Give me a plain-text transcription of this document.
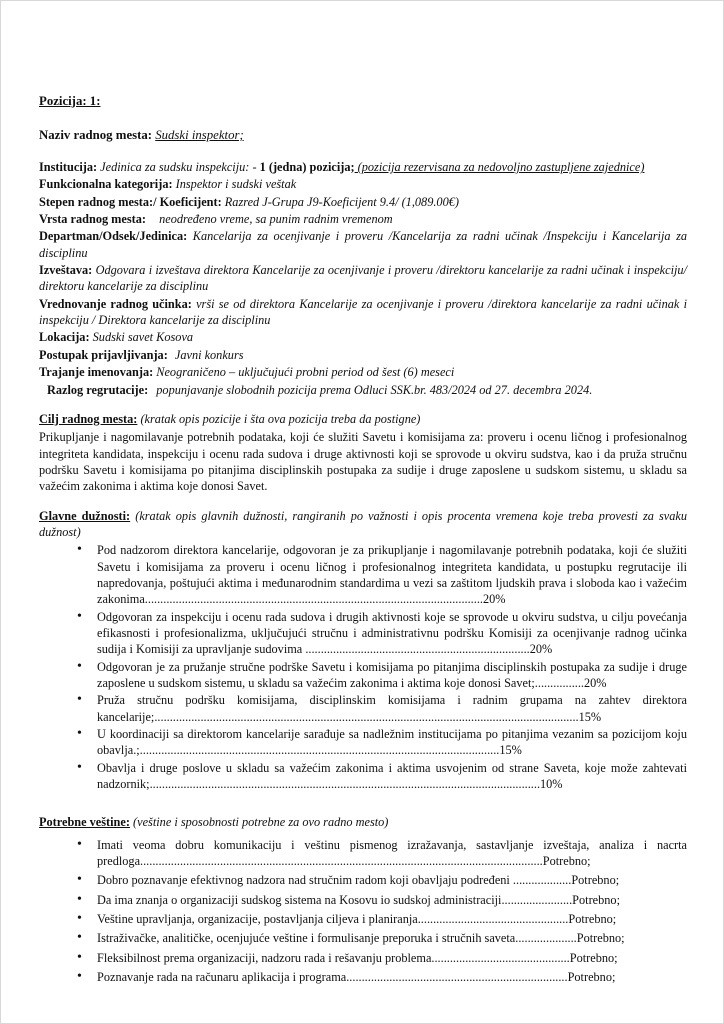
Pozicija: 1:
Naziv radnog mesta: Sudski inspektor;
Institucija: Jedinica za sudsku inspekciju: - 1 (jedna) pozicija; (pozicija rezervisana za nedovoljno zastupljene zajednice)
Funkcionalna kategorija: Inspektor i sudski veštak
Stepen radnog mesta:/ Koeficijent: Razred J-Grupa J9-Koeficijent 9.4/ (1,089.00€)
Vrsta radnog mesta: neodređeno vreme, sa punim radnim vremenom
Departman/Odsek/Jedinica: Kancelarija za ocenjivanje i proveru /Kancelarija za radni učinak /Inspekciju i Kancelarija za disciplinu
Izveštava: Odgovara i izveštava direktora Kancelarije za ocenjivanje i proveru /direktoru kancelarije za radni učinak i inspekciju/ direktoru kancelarije za disciplinu
Vrednovanje radnog učinka: vrši se od direktora Kancelarije za ocenjivanje i proveru /direktora kancelarije za radni učinak i inspekciju / Direktora kancelarije za disciplinu
Lokacija: Sudski savet Kosova
Postupak prijavljivanja: Javni konkurs
Trajanje imenovanja: Neograničeno – uključujući probni period od šest (6) meseci
Razlog regrutacije: popunjavanje slobodnih pozicija prema Odluci SSK.br. 483/2024 od 27. decembra 2024.
Cilj radnog mesta: (kratak opis pozicije i šta ova pozicija treba da postigne)

Prikupljanje i nagomilavanje potrebnih podataka, koji će služiti Savetu i komisijama za: proveru i ocenu ličnog i profesionalnog integriteta kandidata, inspekciju i ocenu rada sudova i druge aktivnosti koji se sprovode u okviru sudstva, kao i da pruža stručnu podršku Savetu i komisijama po pitanjima disciplinskih postupaka za sudije i druge zaposlene u sudskom sistemu, u skladu sa važećim zakonima i aktima koje donosi Savet.

Glavne dužnosti: (kratak opis glavnih dužnosti, rangiranih po važnosti i opis procenta vremena koje treba provesti za svaku dužnost)
• Pod nadzorom direktora kancelarije, odgovoran je za prikupljanje i nagomilavanje potrebnih podataka, koji će služiti Savetu i komisijama za proveru i ocenu ličnog i profesionalnog integriteta kandidata, u postupku regrutacije ili napredovanja, poštujući aktima i međunarodnim standardima u vezi sa zaštitom ljudskih prava i sloboda kao i važećim zakonima..............................................................................................................20%
• Odgovoran za inspekciju i ocenu rada sudova i drugih aktivnosti koje se sprovode u okviru sudstva, u cilju povećanja efikasnosti i profesionalizma, uključujući stručnu i administrativnu podršku Komisiji za ocenjivanje radnog učinka sudija i Komisiji za upravljanje sudovima .........................................................................20%
• Odgovoran je za pružanje stručne podrške Savetu i komisijama po pitanjima disciplinskih postupaka za sudije i druge zaposlene u sudskom sistemu, u skladu sa važećim zakonima i aktima koje donosi Savet;................20%
• Pruža stručnu podršku komisijama, disciplinskim komisijama i radnim grupama na zahtev direktora kancelarije;..........................................................................................................................................15%
• U koordinaciji sa direktorom kancelarije sarađuje sa nadležnim institucijama po pitanjima vezanim sa pozicijom koju obavlja.;.....................................................................................................................15%
• Obavlja i druge poslove u skladu sa važećim zakonima i aktima usvojenim od strane Saveta, koje može zahtevati nadzornik;...............................................................................................................................10%
Potrebne veštine: (veštine i sposobnosti potrebne za ovo radno mesto)
• Imati veoma dobru komunikaciju i veštinu pismenog izražavanja, sastavljanje izveštaja, analiza i nacrta predloga...................................................................................................................................Potrebno;
• Dobro poznavanje efektivnog nadzora nad stručnim radom koji obavljaju podređeni ...................Potrebno;
• Da ima znanja o organizaciji sudskog sistema na Kosovu io sudskoj administraciji.......................Potrebno;
• Veštine upravljanja, organizacije, postavljanja ciljeva i planiranja.................................................Potrebno;
• Istraživačke, analitičke, ocenjujuće veštine i formulisanje preporuka i stručnih saveta....................Potrebno;
• Fleksibilnost prema organizaciji, nadzoru rada i rešavanju problema.............................................Potrebno;
• Poznavanje rada na računaru aplikacija i programa........................................................................Potrebno;
